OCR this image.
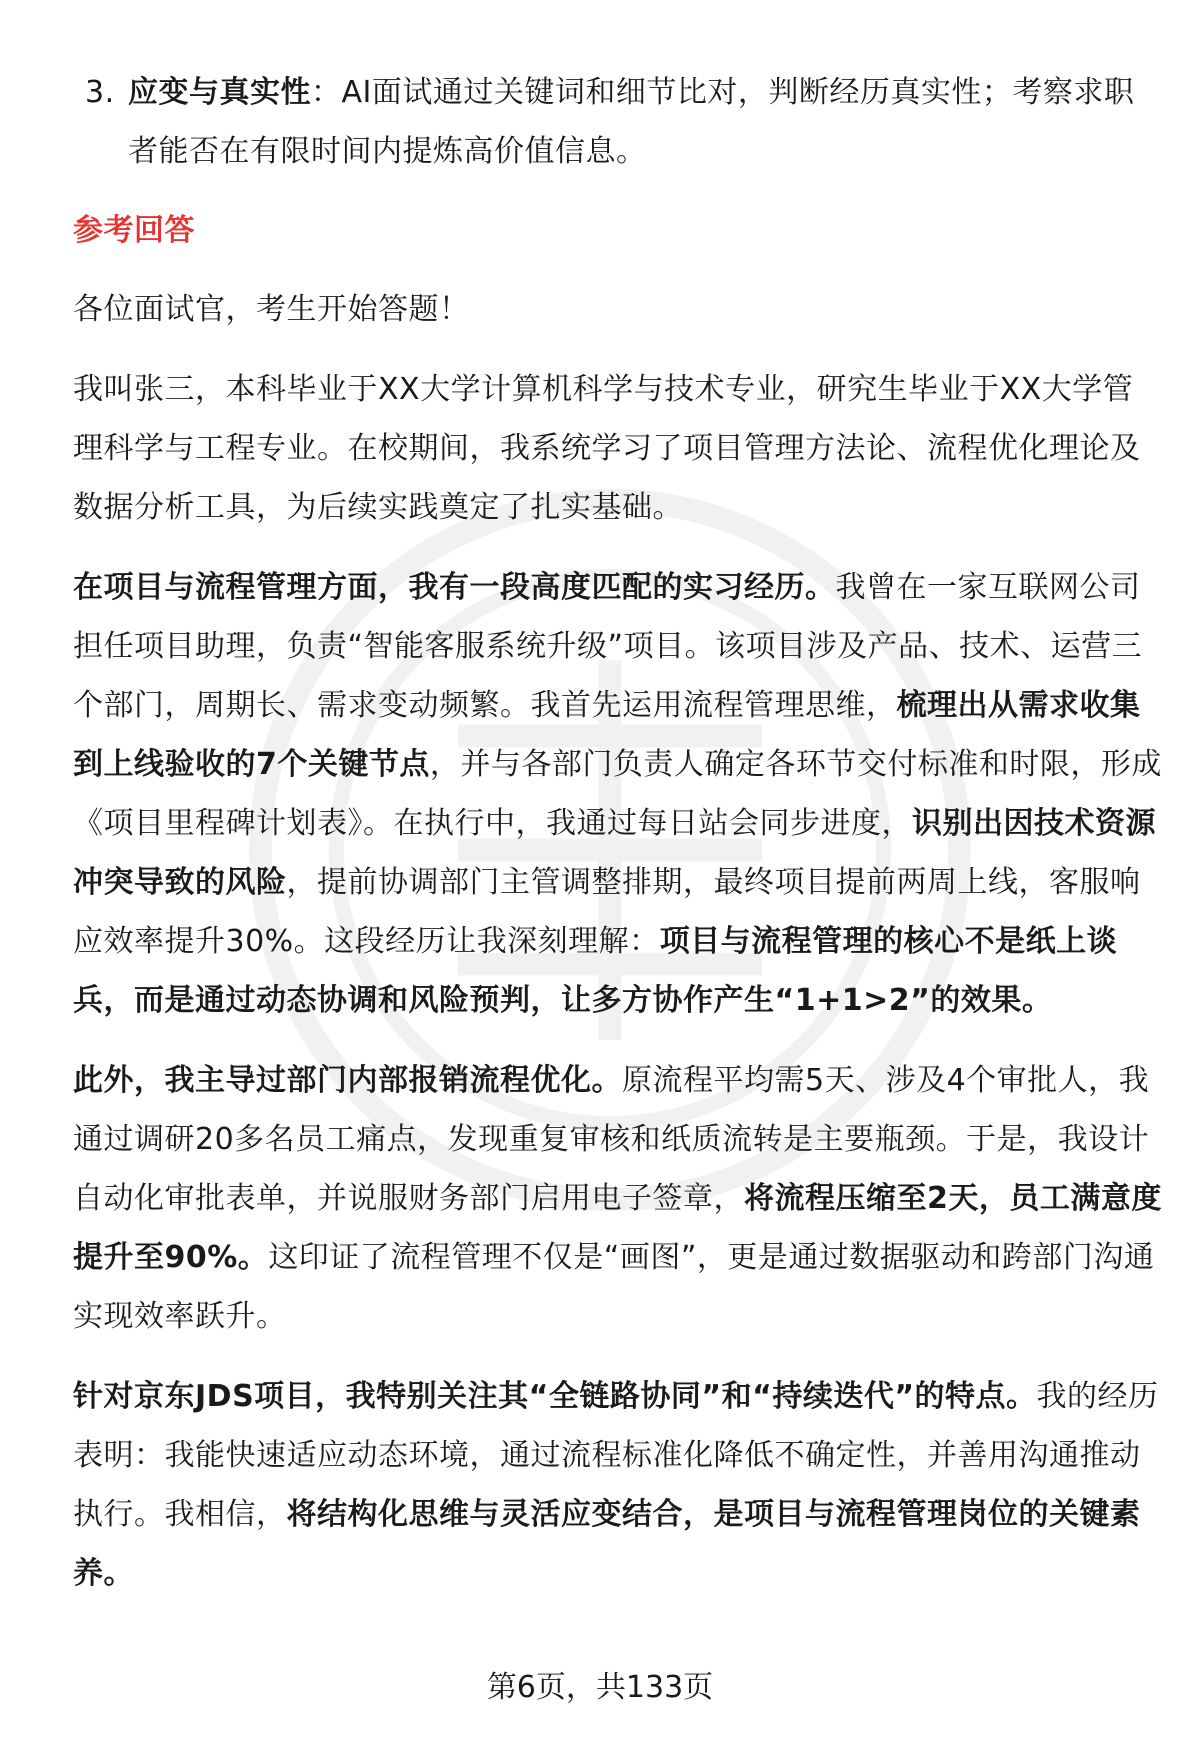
3. 应变与真实性：AI面试通过关键词和细节比对，判断经历真实性；考察求职者能否在有限时间内提炼高价值信息。
参考回答

各位面试官，考生开始答题！

我叫张三，本科毕业于XX大学计算机科学与技术专业，研究生毕业于XX大学管理科学与工程专业。在校期间，我系统学习了项目管理方法论、流程优化理论及数据分析工具，为后续实践奠定了扎实基础。

在项目与流程管理方面，我有一段高度匹配的实习经历。我曾在一家互联网公司担任项目助理，负责“智能客服系统升级”项目。该项目涉及产品、技术、运营三个部门，周期长、需求变动频繁。我首先运用流程管理思维，梳理出从需求收集到上线验收的7个关键节点，并与各部门负责人确定各环节交付标准和时限，形成《项目里程碑计划表》。在执行中，我通过每日站会同步进度，识别出因技术资源冲突导致的风险，提前协调部门主管调整排期，最终项目提前两周上线，客服响应效率提升30%。这段经历让我深刻理解：项目与流程管理的核心不是纸上谈兵，而是通过动态协调和风险预判，让多方协作产生“1+1>2”的效果。

此外，我主导过部门内部报销流程优化。原流程平均需5天、涉及4个审批人，我通过调研20多名员工痛点，发现重复审核和纸质流转是主要瓶颈。于是，我设计自动化审批表单，并说服财务部门启用电子签章，将流程压缩至2天，员工满意度提升至90%。这印证了流程管理不仅是“画图”，更是通过数据驱动和跨部门沟通实现效率跃升。

针对京东JDS项目，我特别关注其“全链路协同”和“持续迭代”的特点。我的经历表明：我能快速适应动态环境，通过流程标准化降低不确定性，并善用沟通推动执行。我相信，将结构化思维与灵活应变结合，是项目与流程管理岗位的关键素养。

第6页，共133页
